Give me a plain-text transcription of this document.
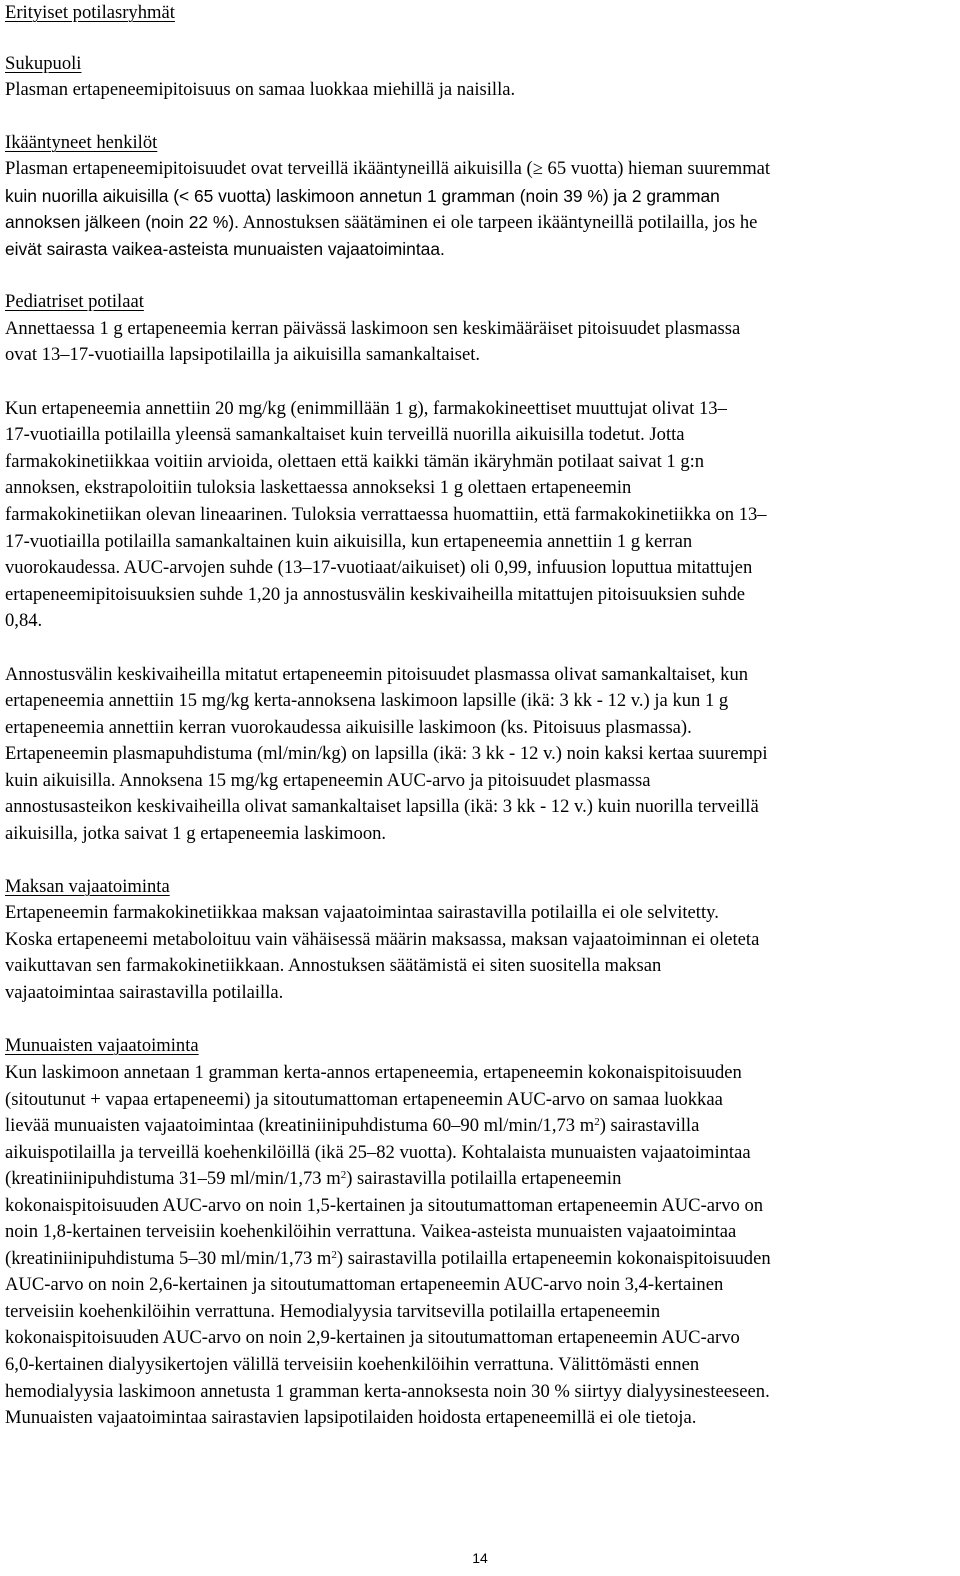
Erityiset potilasryhmät
Sukupuoli
Plasman ertapeneemipitoisuus on samaa luokkaa miehillä ja naisilla.
Ikääntyneet henkilöt
Plasman ertapeneemipitoisuudet ovat terveillä ikääntyneillä aikuisilla (≥ 65 vuotta) hieman suuremmat
kuin nuorilla aikuisilla (< 65 vuotta) laskimoon annetun 1 gramman (noin 39 %) ja 2 gramman
annoksen jälkeen (noin 22 %). Annostuksen säätäminen ei ole tarpeen ikääntyneillä potilailla, jos he
eivät sairasta vaikea-asteista munuaisten vajaatoimintaa.
Pediatriset potilaat
Annettaessa 1 g ertapeneemia kerran päivässä laskimoon sen keskimääräiset pitoisuudet plasmassa
ovat 13–17-vuotiailla lapsipotilailla ja aikuisilla samankaltaiset.
Kun ertapeneemia annettiin 20 mg/kg (enimmillään 1 g), farmakokineettiset muuttujat olivat 13–
17-vuotiailla potilailla yleensä samankaltaiset kuin terveillä nuorilla aikuisilla todetut. Jotta
farmakokinetiikkaa voitiin arvioida, olettaen että kaikki tämän ikäryhmän potilaat saivat 1 g:n
annoksen, ekstrapoloitiin tuloksia laskettaessa annokseksi 1 g olettaen ertapeneemin
farmakokinetiikan olevan lineaarinen. Tuloksia verrattaessa huomattiin, että farmakokinetiikka on 13–
17-vuotiailla potilailla samankaltainen kuin aikuisilla, kun ertapeneemia annettiin 1 g kerran
vuorokaudessa. AUC-arvojen suhde (13–17-vuotiaat/aikuiset) oli 0,99, infuusion loputtua mitattujen
ertapeneemipitoisuuksien suhde 1,20 ja annostusvälin keskivaiheilla mitattujen pitoisuuksien suhde
0,84.
Annostusvälin keskivaiheilla mitatut ertapeneemin pitoisuudet plasmassa olivat samankaltaiset, kun
ertapeneemia annettiin 15 mg/kg kerta-annoksena laskimoon lapsille (ikä: 3 kk - 12 v.) ja kun 1 g
ertapeneemia annettiin kerran vuorokaudessa aikuisille laskimoon (ks. Pitoisuus plasmassa).
Ertapeneemin plasmapuhdistuma (ml/min/kg) on lapsilla (ikä: 3 kk - 12 v.) noin kaksi kertaa suurempi
kuin aikuisilla. Annoksena 15 mg/kg ertapeneemin AUC-arvo ja pitoisuudet plasmassa
annostusasteikon keskivaiheilla olivat samankaltaiset lapsilla (ikä: 3 kk - 12 v.) kuin nuorilla terveillä
aikuisilla, jotka saivat 1 g ertapeneemia laskimoon.
Maksan vajaatoiminta
Ertapeneemin farmakokinetiikkaa maksan vajaatoimintaa sairastavilla potilailla ei ole selvitetty.
Koska ertapeneemi metaboloituu vain vähäisessä määrin maksassa, maksan vajaatoiminnan ei oleteta
vaikuttavan sen farmakokinetiikkaan. Annostuksen säätämistä ei siten suositella maksan
vajaatoimintaa sairastavilla potilailla.
Munuaisten vajaatoiminta
Kun laskimoon annetaan 1 gramman kerta-annos ertapeneemia, ertapeneemin kokonaispitoisuuden
(sitoutunut + vapaa ertapeneemi) ja sitoutumattoman ertapeneemin AUC-arvo on samaa luokkaa
lievää munuaisten vajaatoimintaa (kreatiniinipuhdistuma 60–90 ml/min/1,73 $m^2$) sairastavilla
aikuispotilailla ja terveillä koehenkilöillä (ikä 25–82 vuotta). Kohtalaista munuaisten vajaatoimintaa
(kreatiniinipuhdistuma 31–59 ml/min/1,73 $m^2$) sairastavilla potilailla ertapeneemin
kokonaispitoisuuden AUC-arvo on noin 1,5-kertainen ja sitoutumattoman ertapeneemin AUC-arvo on
noin 1,8-kertainen terveisiin koehenkilöihin verrattuna. Vaikea-asteista munuaisten vajaatoimintaa
(kreatiniinipuhdistuma 5–30 ml/min/1,73 $m^2$) sairastavilla potilailla ertapeneemin kokonaispitoisuuden
AUC-arvo on noin 2,6-kertainen ja sitoutumattoman ertapeneemin AUC-arvo noin 3,4-kertainen
terveisiin koehenkilöihin verrattuna. Hemodialyysia tarvitsevilla potilailla ertapeneemin
kokonaispitoisuuden AUC-arvo on noin 2,9-kertainen ja sitoutumattoman ertapeneemin AUC-arvo
6,0-kertainen dialyysikertojen välillä terveisiin koehenkilöihin verrattuna. Välittömästi ennen
hemodialyysia laskimoon annetusta 1 gramman kerta-annoksesta noin 30 % siirtyy dialyysinesteeseen.
Munuaisten vajaatoimintaa sairastavien lapsipotilaiden hoidosta ertapeneemillä ei ole tietoja.
14
